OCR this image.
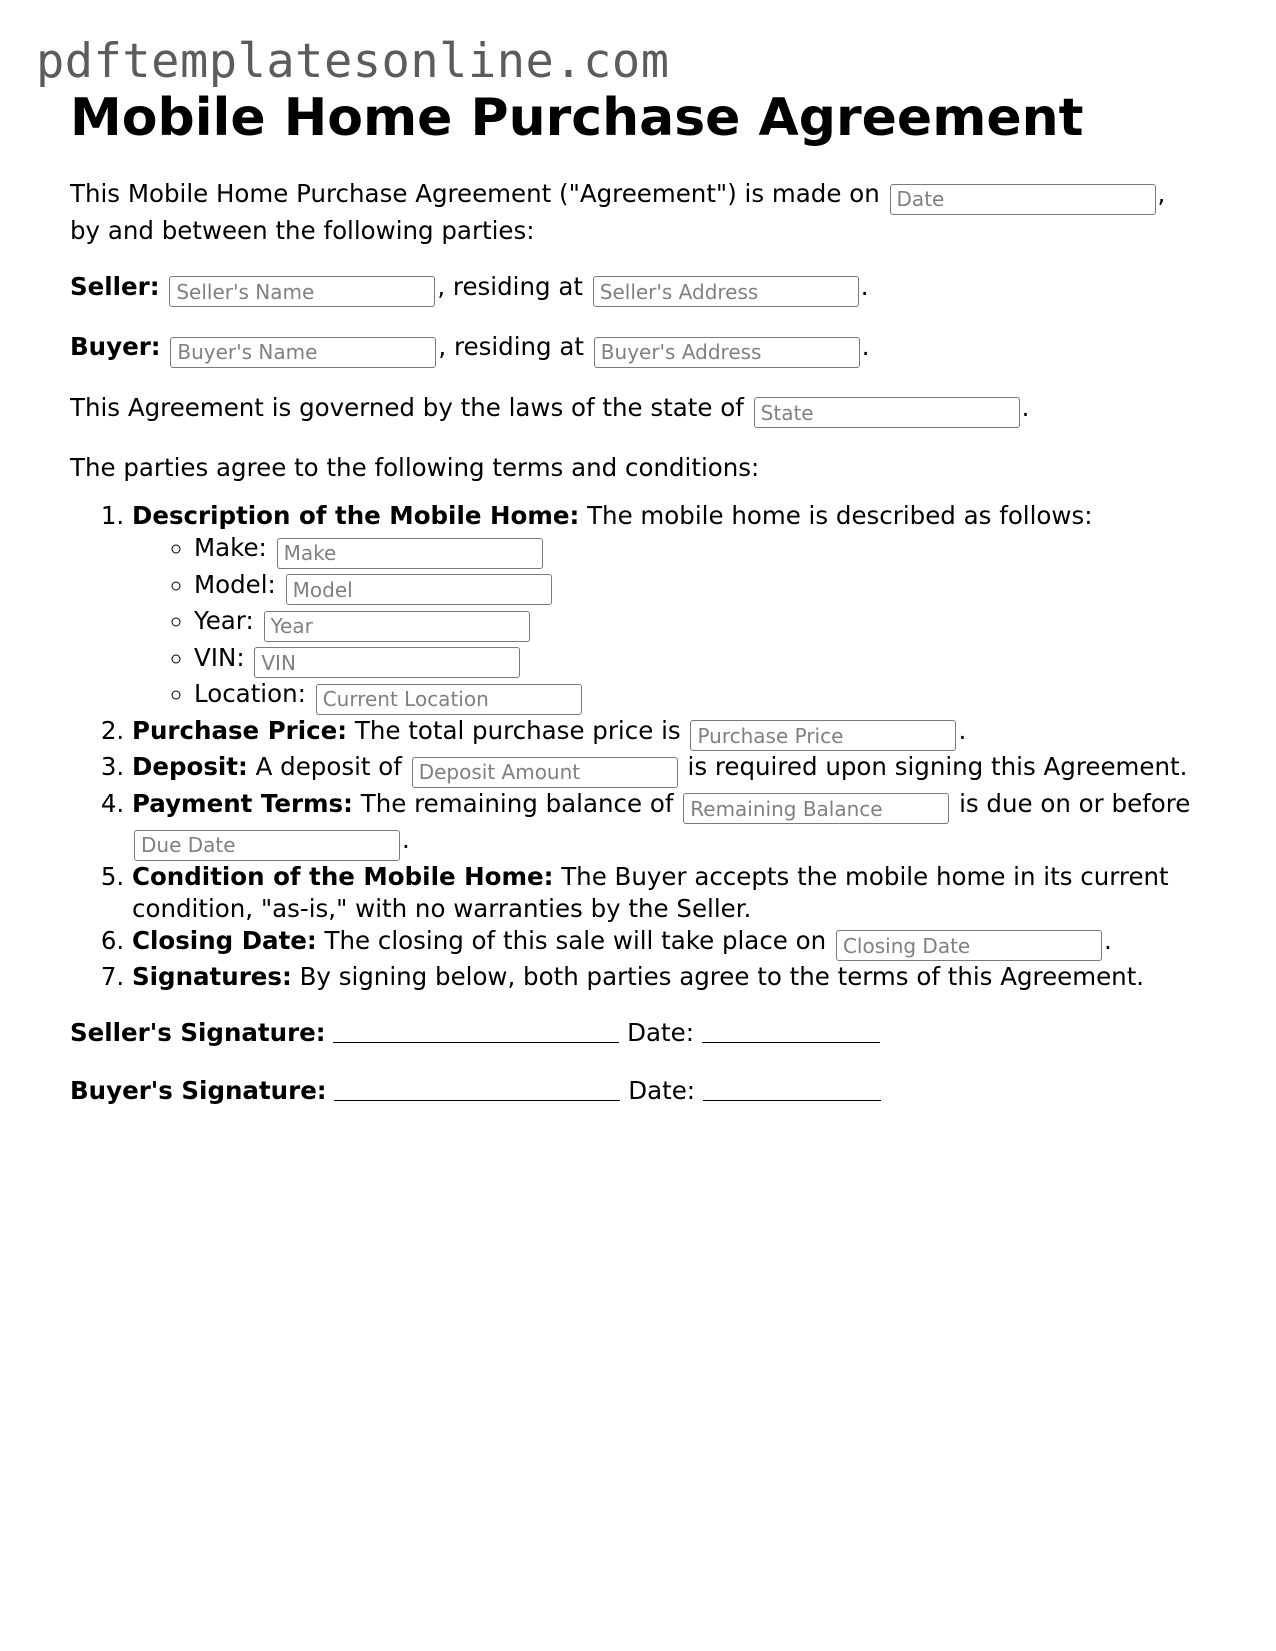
pdftemplatesonline.com
Mobile Home Purchase Agreement

This Mobile Home Purchase Agreement ("Agreement") is made on Date	,
by and between the following parties:

Seller: Seller's Name	, residing at Seller's Address	.

Buyer: Buyer's Name	, residing at Buyer's Address	.

This Agreement is governed by the laws of the state of State	.

The parties agree to the following terms and conditions:

1. Description of the Mobile Home: The mobile home is described as follows:
◦ Make: Make
◦ Model: Model
◦ Year: Year
◦ VIN: VIN
◦ Location: Current Location
2. Purchase Price: The total purchase price is Purchase Price	.
3. Deposit: A deposit of Deposit Amount	is required upon signing this Agreement.
4. Payment Terms: The remaining balance of Remaining Balance	is due on or before Due Date.
5. Condition of the Mobile Home: The Buyer accepts the mobile home in its current condition, "as-is," with no warranties by the Seller.
6. Closing Date: The closing of this sale will take place on Closing Date	.
7. Signatures: By signing below, both parties agree to the terms of this Agreement.
Seller's Signature:	Date:
Buyer's Signature:	Date:
